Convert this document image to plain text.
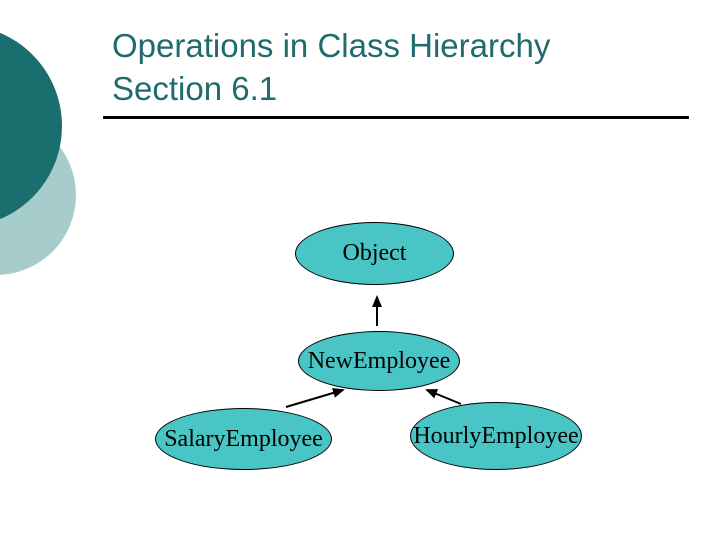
Operations in Class Hierarchy
Section 6.1
Object
NewEmployee
SalaryEmployee	HourlyEmployee
